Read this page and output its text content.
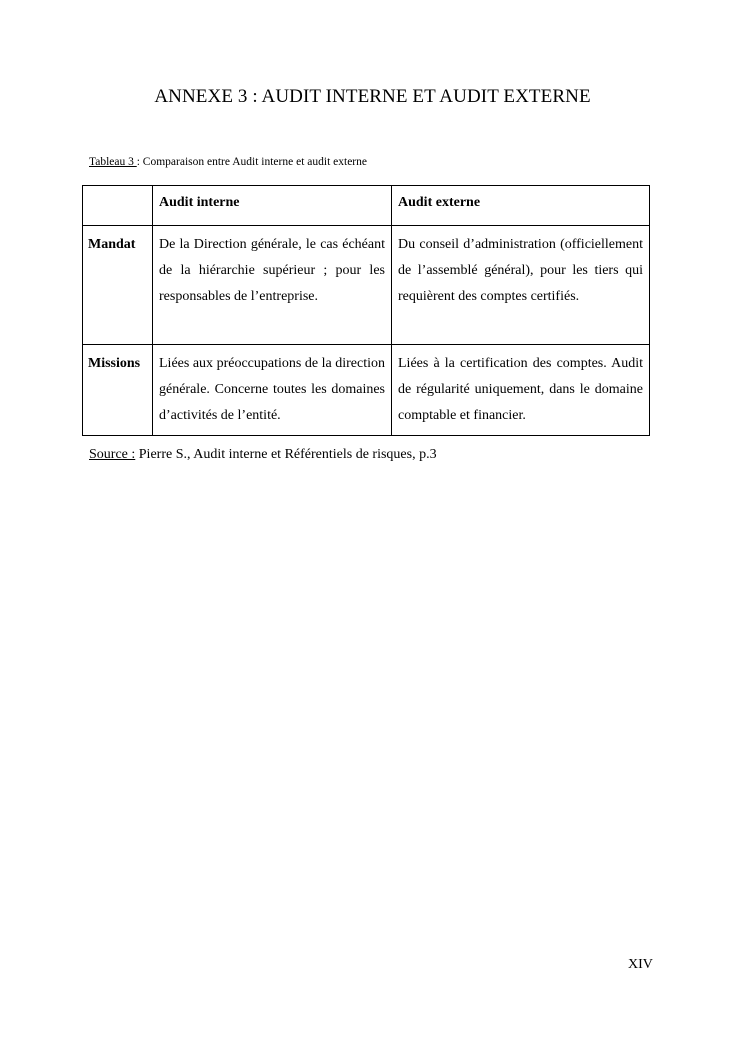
ANNEXE 3 : AUDIT INTERNE ET AUDIT EXTERNE
Tableau 3 : Comparaison entre Audit interne et audit externe
	Audit interne	Audit externe
Mandat	De la Direction générale, le cas échéant de la hiérarchie supérieur ; pour les responsables de l’entreprise.	Du conseil d’administration (officiellement de l’assemblé général), pour les tiers qui requièrent des comptes certifiés.
Missions	Liées aux préoccupations de la direction générale. Concerne toutes les domaines d’activités de l’entité.	Liées à la certification des comptes. Audit de régularité uniquement, dans le domaine comptable et financier.
Source : Pierre S., Audit interne et Référentiels de risques, p.3
XIV
